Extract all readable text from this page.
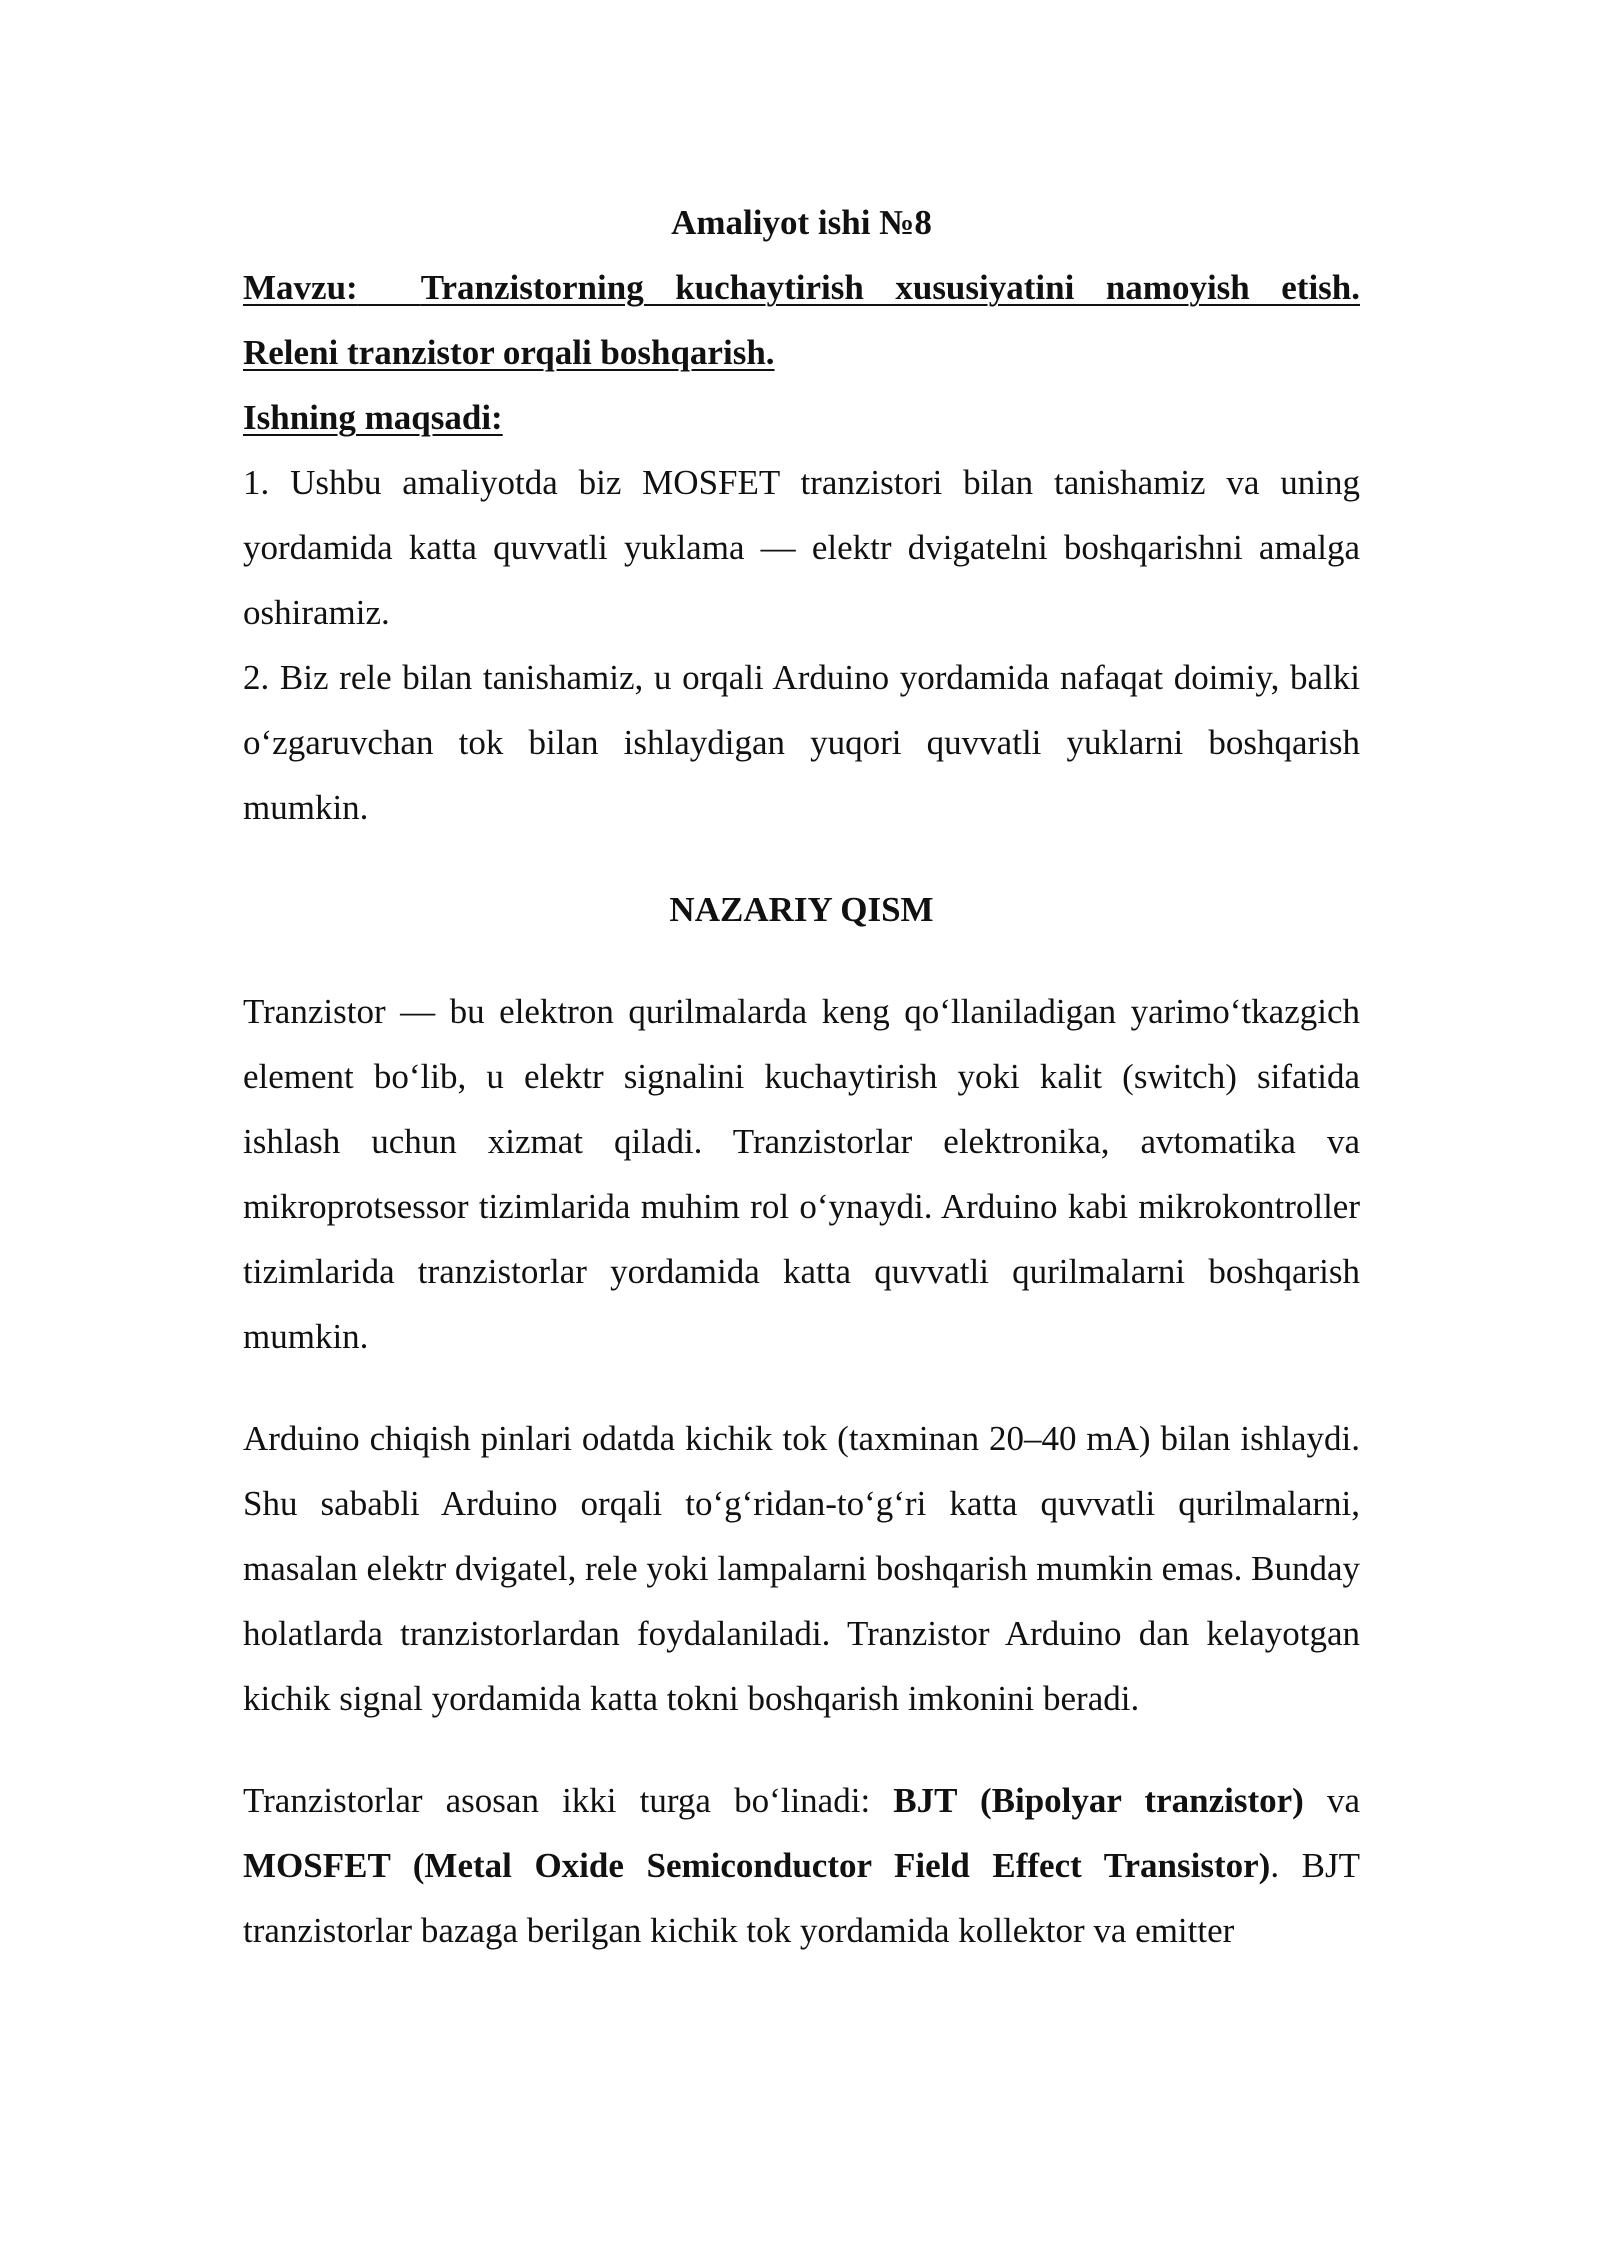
Amaliyot ishi №8
Mavzu: Tranzistorning kuchaytirish xususiyatini namoyish etish.
Releni tranzistor orqali boshqarish.
Ishning maqsadi:

1. Ushbu amaliyotda biz MOSFET tranzistori bilan tanishamiz va uning yordamida katta quvvatli yuklama — elektr dvigatelni boshqarishni amalga oshiramiz.

2. Biz rele bilan tanishamiz, u orqali Arduino yordamida nafaqat doimiy, balki o‘zgaruvchan tok bilan ishlaydigan yuqori quvvatli yuklarni boshqarish mumkin.

NAZARIY QISM

Tranzistor — bu elektron qurilmalarda keng qo‘llaniladigan yarimo‘tkazgich element bo‘lib, u elektr signalini kuchaytirish yoki kalit (switch) sifatida ishlash uchun xizmat qiladi. Tranzistorlar elektronika, avtomatika va mikroprotsessor tizimlarida muhim rol o‘ynaydi. Arduino kabi mikrokontroller tizimlarida tranzistorlar yordamida katta quvvatli qurilmalarni boshqarish mumkin.

Arduino chiqish pinlari odatda kichik tok (taxminan 20–40 mA) bilan ishlaydi. Shu sababli Arduino orqali to‘g‘ridan-to‘g‘ri katta quvvatli qurilmalarni, masalan elektr dvigatel, rele yoki lampalarni boshqarish mumkin emas. Bunday holatlarda tranzistorlardan foydalaniladi. Tranzistor Arduino dan kelayotgan kichik signal yordamida katta tokni boshqarish imkonini beradi.

Tranzistorlar asosan ikki turga bo‘linadi: BJT (Bipolyar tranzistor) va MOSFET (Metal Oxide Semiconductor Field Effect Transistor). BJT tranzistorlar bazaga berilgan kichik tok yordamida kollektor va emitter
